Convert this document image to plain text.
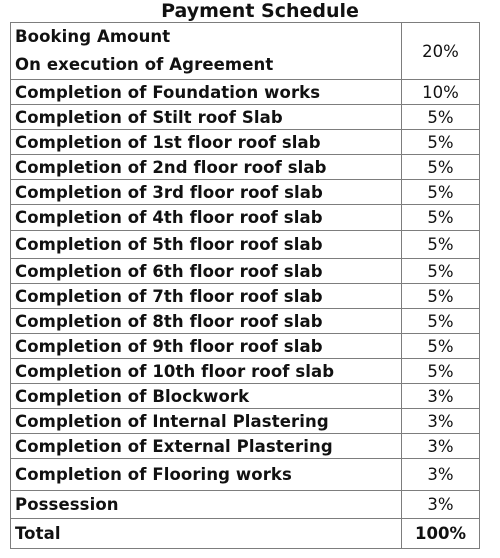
Payment Schedule
Booking Amount
On execution of Agreement	20%
Completion of Foundation works	10%
Completion of Stilt roof Slab	5%
Completion of 1st floor roof slab	5%
Completion of 2nd floor roof slab	5%
Completion of 3rd floor roof slab	5%
Completion of 4th floor roof slab	5%
Completion of 5th floor roof slab	5%
Completion of 6th floor roof slab	5%
Completion of 7th floor roof slab	5%
Completion of 8th floor roof slab	5%
Completion of 9th floor roof slab	5%
Completion of 10th floor roof slab	5%
Completion of Blockwork	3%
Completion of Internal Plastering	3%
Completion of External Plastering	3%
Completion of Flooring works	3%
Possession	3%
Total	100%
